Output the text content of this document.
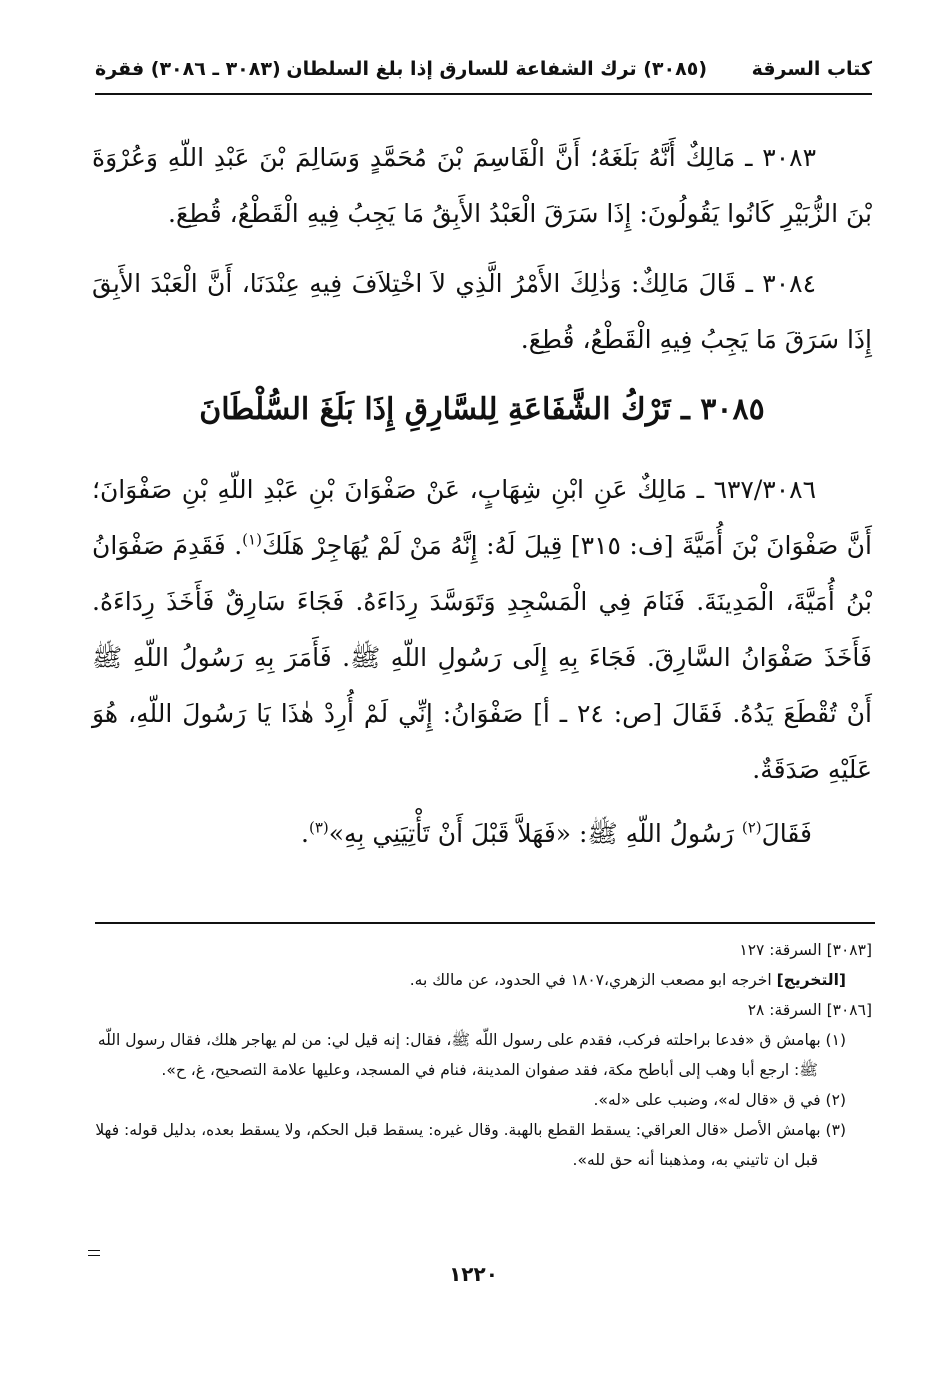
كتاب السرقة
(٣٠٨٥) ترك الشفاعة للسارق إذا بلغ السلطان
(٣٠٨٣ ـ ٣٠٨٦) فقرة

٣٠٨٣ ـ مَالِكٌ أَنَّهُ بَلَغَهُ؛ أَنَّ الْقَاسِمَ بْنَ مُحَمَّدٍ وَسَالِمَ بْنَ عَبْدِ اللّهِ وَعُرْوَةَ بْنَ الزُّبَيْرِ كَانُوا يَقُولُونَ: إِذَا سَرَقَ الْعَبْدُ الأَبِقُ مَا يَجِبُ فِيهِ الْقَطْعُ، قُطِعَ.

٣٠٨٤ ـ قَالَ مَالِكٌ: وَذٰلِكَ الأَمْرُ الَّذِي لاَ اخْتِلاَفَ فِيهِ عِنْدَنَا، أَنَّ الْعَبْدَ الأَبِقَ إِذَا سَرَقَ مَا يَجِبُ فِيهِ الْقَطْعُ، قُطِعَ.

٣٠٨٥ ـ تَرْكُ الشَّفَاعَةِ لِلسَّارِقِ إِذَا بَلَغَ السُّلْطَانَ

٦٣٧/٣٠٨٦ ـ مَالِكٌ عَنِ ابْنِ شِهَابٍ، عَنْ صَفْوَانَ بْنِ عَبْدِ اللّهِ بْنِ صَفْوَانَ؛ أَنَّ صَفْوَانَ بْنَ أُمَيَّةَ [ف: ٣١٥] قِيلَ لَهُ: إِنَّهُ مَنْ لَمْ يُهَاجِرْ هَلَكَ$^{(١)}$. فَقَدِمَ صَفْوَانُ بْنُ أُمَيَّةَ، الْمَدِينَةَ. فَنَامَ فِي الْمَسْجِدِ وَتَوَسَّدَ رِدَاءَهُ. فَجَاءَ سَارِقٌ فَأَخَذَ رِدَاءَهُ. فَأَخَذَ صَفْوَانُ السَّارِقَ. فَجَاءَ بِهِ إِلَى رَسُولِ اللّهِ ﷺ. فَأَمَرَ بِهِ رَسُولُ اللّهِ ﷺ أَنْ تُقْطَعَ يَدُهُ. فَقَالَ [ص: ٢٤ ـ أ] صَفْوَانُ: إِنِّي لَمْ أُرِدْ هٰذَا يَا رَسُولَ اللّهِ، هُوَ عَلَيْهِ صَدَقَةٌ.

فَقَالَ$^{(٢)}$ رَسُولُ اللّهِ ﷺ: «فَهَلاَّ قَبْلَ أَنْ تَأْتِيَنِي بِهِ»$^{(٣)}$.

[٣٠٨٣] السرقة: ١٢٧

[التخريج] اخرجه ابو مصعب الزهري،١٨٠٧ في الحدود، عن مالك به.

[٣٠٨٦] السرقة: ٢٨

(١) بهامش ق «فدعا براحلته فركب، فقدم على رسول اللّه ﷺ، فقال: إنه قيل لي: من لم يهاجر هلك، فقال رسول اللّه ﷺ: ارجع أبا وهب إلى أباطح مكة، فقد صفوان المدينة، فنام في المسجد، وعليها علامة التصحيح، غ، ح».

(٢) في ق «قال له»، وضبب على «له».

(٣) بهامش الأصل «قال العراقي: يسقط القطع بالهبة. وقال غيره: يسقط قبل الحكم، ولا يسقط بعده، بدليل قوله: فهلا قبل ان تاتيني به، ومذهبنا أنه حق لله».

١٢٢٠
